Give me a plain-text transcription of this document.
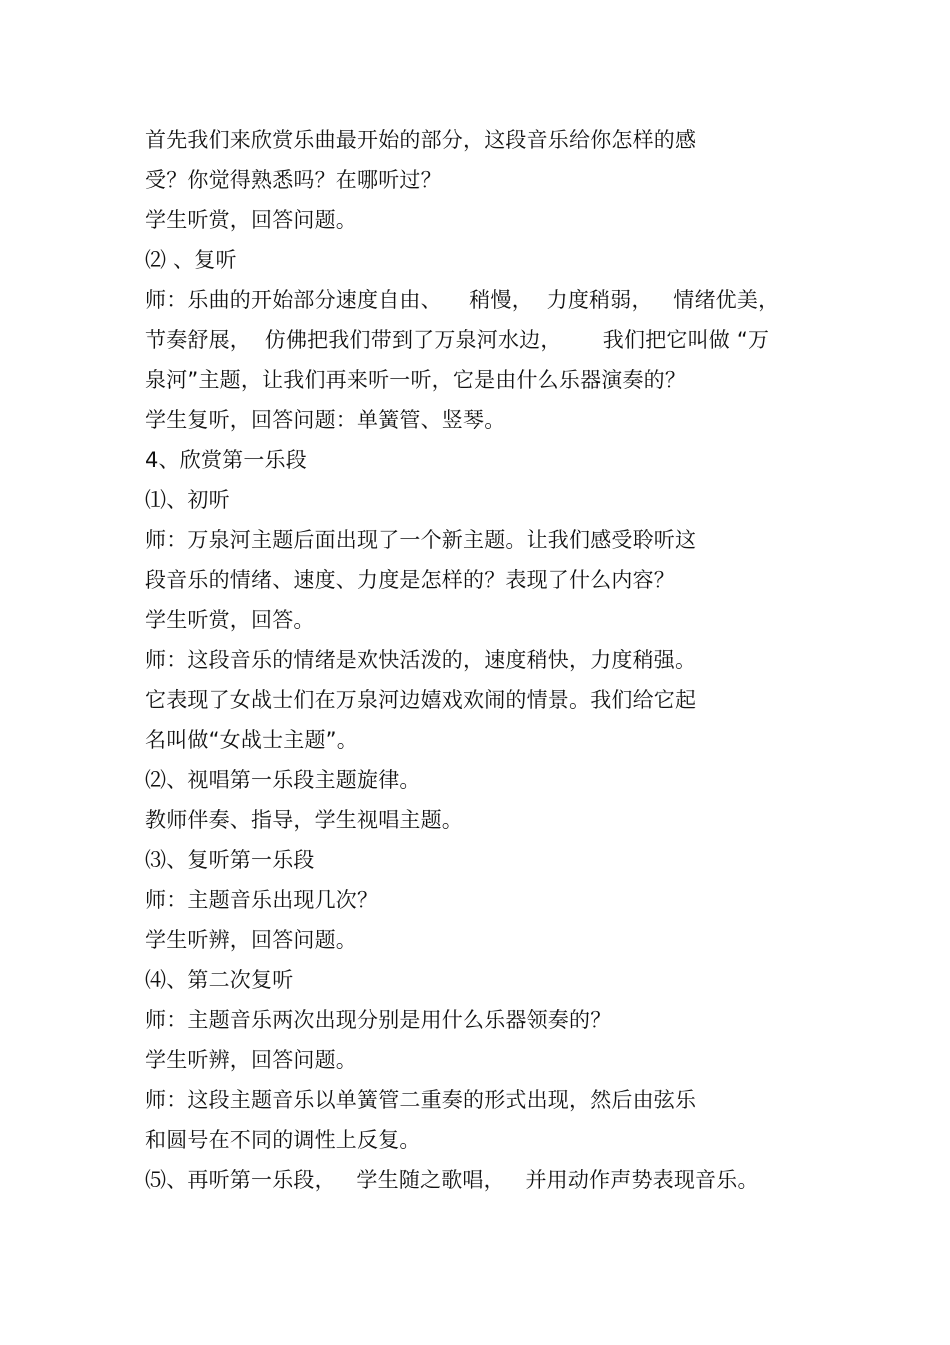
首先我们来欣赏乐曲最开始的部分，这段音乐给你怎样的感
受？你觉得熟悉吗？在哪听过？
学生听赏，回答问题。
⑵ 、复听
师：乐曲的开始部分速度自由、    稍慢，  力度稍弱，   情绪优美，
节奏舒展，  仿佛把我们带到了万泉河水边，      我们把它叫做 “万
泉河”主题，让我们再来听一听，它是由什么乐器演奏的？
学生复听，回答问题：单簧管、竖琴。
4、欣赏第一乐段
⑴、初听
师：万泉河主题后面出现了一个新主题。让我们感受聆听这
段音乐的情绪、速度、力度是怎样的？表现了什么内容？
学生听赏，回答。
师：这段音乐的情绪是欢快活泼的，速度稍快，力度稍强。
它表现了女战士们在万泉河边嬉戏欢闹的情景。我们给它起
名叫做“女战士主题”。
⑵、视唱第一乐段主题旋律。
教师伴奏、指导，学生视唱主题。
⑶、复听第一乐段
师：主题音乐出现几次？
学生听辨，回答问题。
⑷、第二次复听
师：主题音乐两次出现分别是用什么乐器领奏的？
学生听辨，回答问题。
师：这段主题音乐以单簧管二重奏的形式出现，然后由弦乐
和圆号在不同的调性上反复。
⑸、再听第一乐段，   学生随之歌唱，   并用动作声势表现音乐。
